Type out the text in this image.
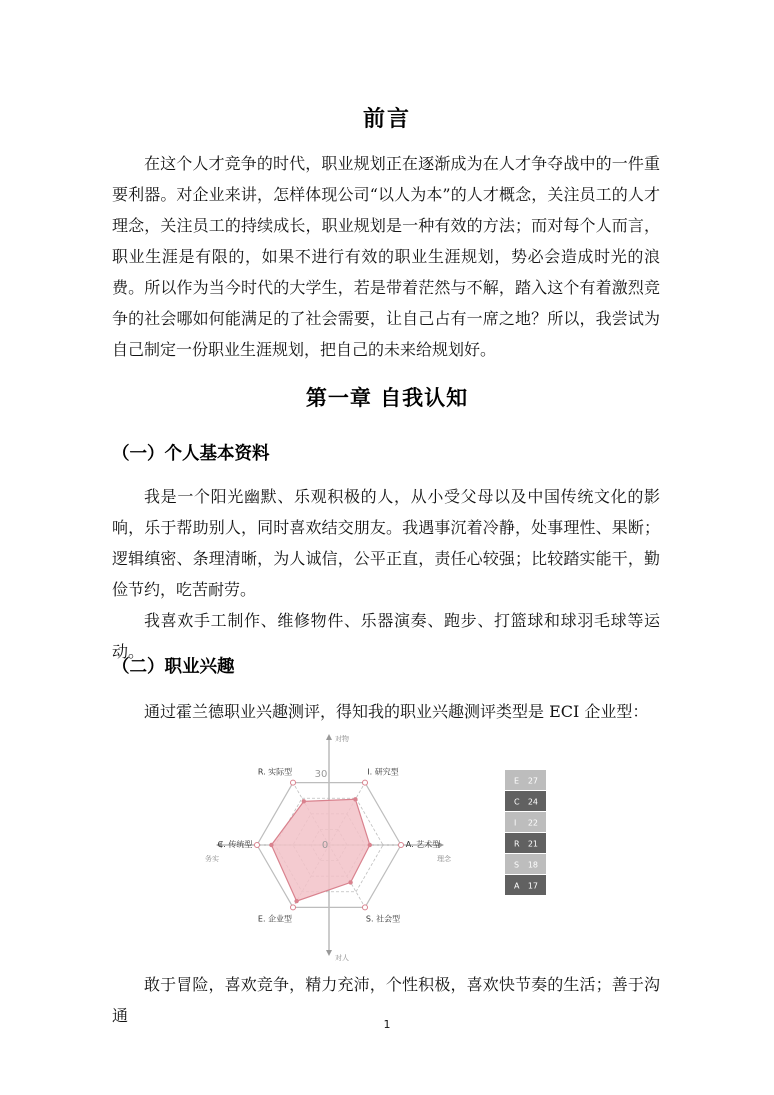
前言

在这个人才竞争的时代，职业规划正在逐渐成为在人才争夺战中的一件重要利器。对企业来讲，怎样体现公司“以人为本”的人才概念，关注员工的人才理念，关注员工的持续成长，职业规划是一种有效的方法；而对每个人而言，职业生涯是有限的，如果不进行有效的职业生涯规划，势必会造成时光的浪费。所以作为当今时代的大学生，若是带着茫然与不解，踏入这个有着激烈竞争的社会哪如何能满足的了社会需要，让自己占有一席之地？所以，我尝试为自己制定一份职业生涯规划，把自己的未来给规划好。

第一章 自我认知
（一）个人基本资料

我是一个阳光幽默、乐观积极的人，从小受父母以及中国传统文化的影响，乐于帮助别人，同时喜欢结交朋友。我遇事沉着冷静，处事理性、果断；逻辑缜密、条理清晰，为人诚信，公平正直，责任心较强；比较踏实能干，勤俭节约，吃苦耐劳。

我喜欢手工制作、维修物件、乐器演奏、跑步、打篮球和球羽毛球等运动。

（二）职业兴趣

通过霍兰德职业兴趣测评，得知我的职业兴趣测评类型是 ECI 企业型：

I. 研究型
A. 艺术型
S. 社会型
E. 企业型
C. 传统型
R. 实际型 30
0
对物
对人
务实	理念
E 27
C 24
I 22
R 21
S 18
A 17

敢于冒险，喜欢竞争，精力充沛，个性积极，喜欢快节奏的生活；善于沟通	1
